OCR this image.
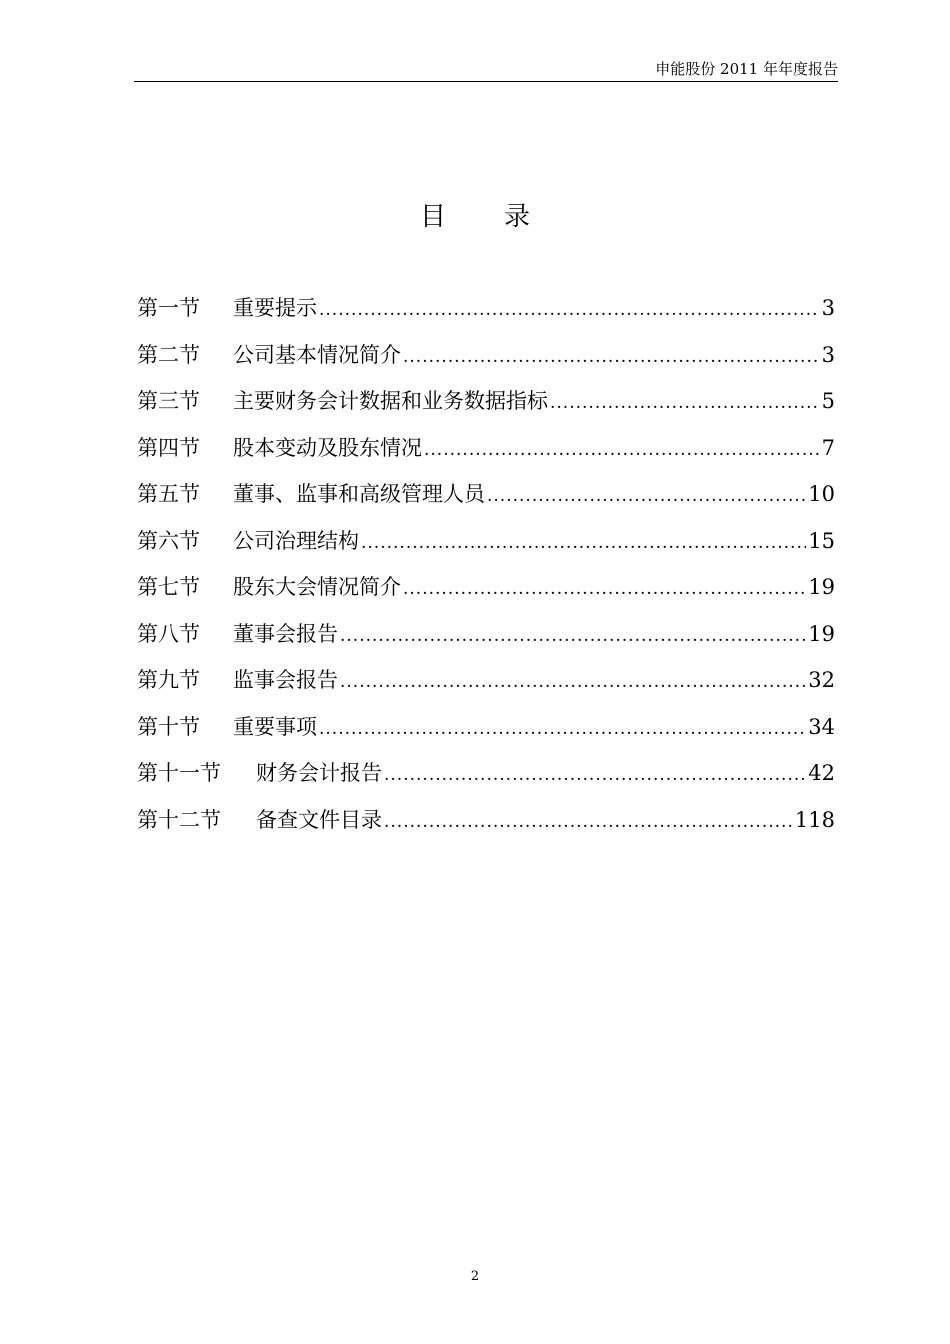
申能股份 2011 年年度报告
目 录
第一节	重要提示 .....	3
第二节	公司基本情况简介 .....	3
第三节	主要财务会计数据和业务数据指标 .....	5
第四节	股本变动及股东情况 .....	7
第五节	董事、监事和高级管理人员 .....	10
第六节	公司治理结构 .....	15
第七节	股东大会情况简介 .....	19
第八节	董事会报告 .....	19
第九节	监事会报告 .....	32
第十节	重要事项 .....	34
第十一节	财务会计报告 .....	42
第十二节	备查文件目录 .....	118
2
